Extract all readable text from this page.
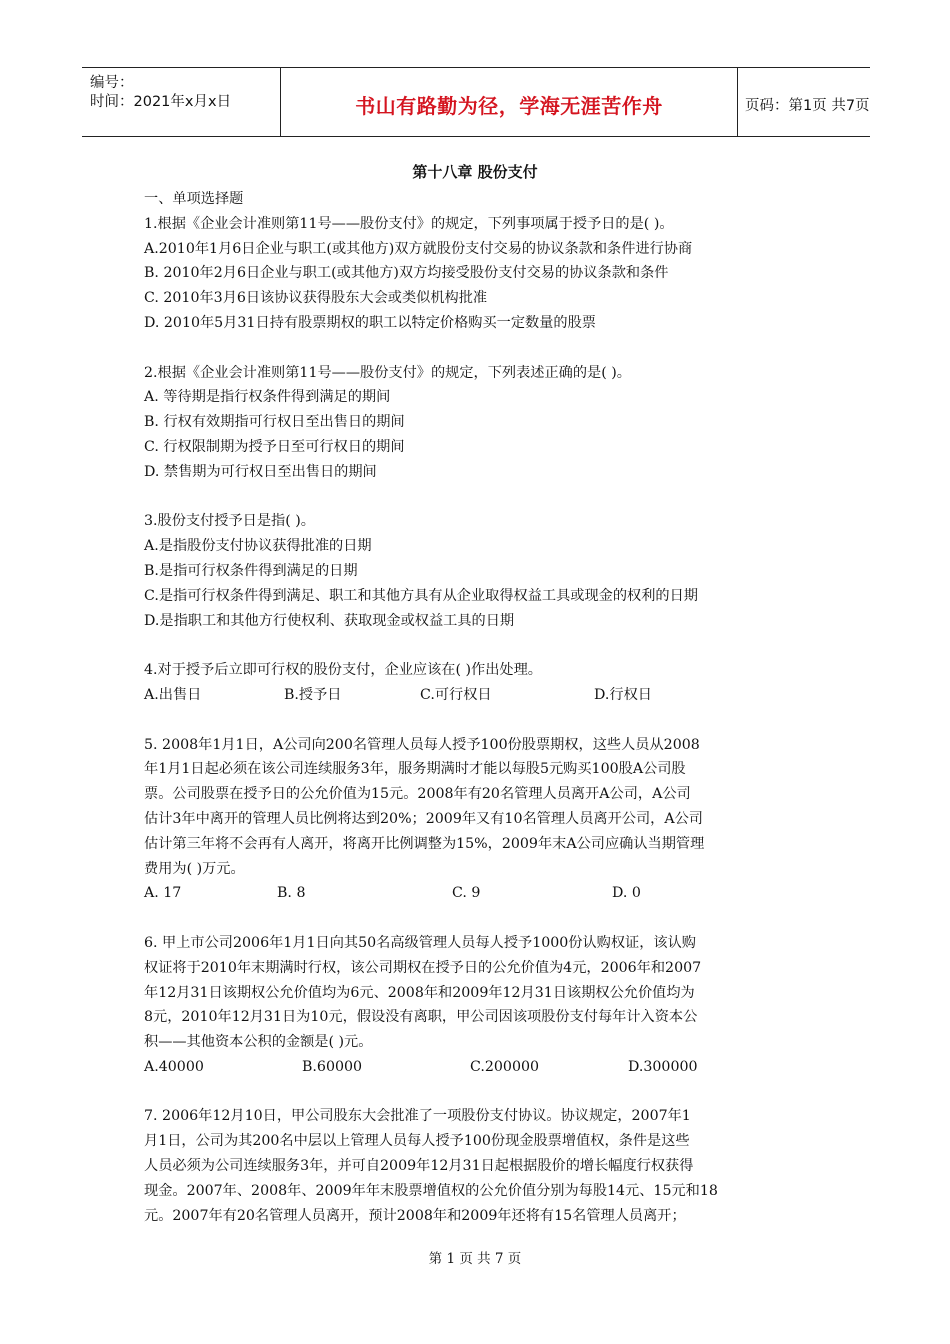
编号：
时间：2021年x月x日	书山有路勤为径，学海无涯苦作舟	页码：第1页 共7页
第十八章 股份支付
一、单项选择题
1.根据《企业会计准则第11号——股份支付》的规定，下列事项属于授予日的是( )。
A.2010年1月6日企业与职工(或其他方)双方就股份支付交易的协议条款和条件进行协商
B. 2010年2月6日企业与职工(或其他方)双方均接受股份支付交易的协议条款和条件
C. 2010年3月6日该协议获得股东大会或类似机构批准
D. 2010年5月31日持有股票期权的职工以特定价格购买一定数量的股票
2.根据《企业会计准则第11号——股份支付》的规定，下列表述正确的是( )。
A. 等待期是指行权条件得到满足的期间
B. 行权有效期指可行权日至出售日的期间
C. 行权限制期为授予日至可行权日的期间
D. 禁售期为可行权日至出售日的期间
3.股份支付授予日是指( )。
A.是指股份支付协议获得批准的日期
B.是指可行权条件得到满足的日期
C.是指可行权条件得到满足、职工和其他方具有从企业取得权益工具或现金的权利的日期
D.是指职工和其他方行使权利、获取现金或权益工具的日期
4.对于授予后立即可行权的股份支付，企业应该在( )作出处理。
A.出售日	B.授予日	C.可行权日	D.行权日
5. 2008年1月1日，A公司向200名管理人员每人授予100份股票期权，这些人员从2008
年1月1日起必须在该公司连续服务3年，服务期满时才能以每股5元购买100股A公司股
票。公司股票在授予日的公允价值为15元。2008年有20名管理人员离开A公司，A公司
估计3年中离开的管理人员比例将达到20%；2009年又有10名管理人员离开公司，A公司
估计第三年将不会再有人离开，将离开比例调整为15%，2009年末A公司应确认当期管理
费用为( )万元。
A. 17	B. 8	C. 9	D. 0
6. 甲上市公司2006年1月1日向其50名高级管理人员每人授予1000份认购权证，该认购
权证将于2010年末期满时行权，该公司期权在授予日的公允价值为4元，2006年和2007
年12月31日该期权公允价值均为6元、2008年和2009年12月31日该期权公允价值均为
8元，2010年12月31日为10元，假设没有离职，甲公司因该项股份支付每年计入资本公
积——其他资本公积的金额是( )元。
A.40000	B.60000	C.200000	D.300000
7. 2006年12月10日，甲公司股东大会批准了一项股份支付协议。协议规定，2007年1
月1日，公司为其200名中层以上管理人员每人授予100份现金股票增值权，条件是这些
人员必须为公司连续服务3年，并可自2009年12月31日起根据股价的增长幅度行权获得
现金。2007年、2008年、2009年年末股票增值权的公允价值分别为每股14元、15元和18
元。2007年有20名管理人员离开，预计2008年和2009年还将有15名管理人员离开；
第 1 页 共 7 页
